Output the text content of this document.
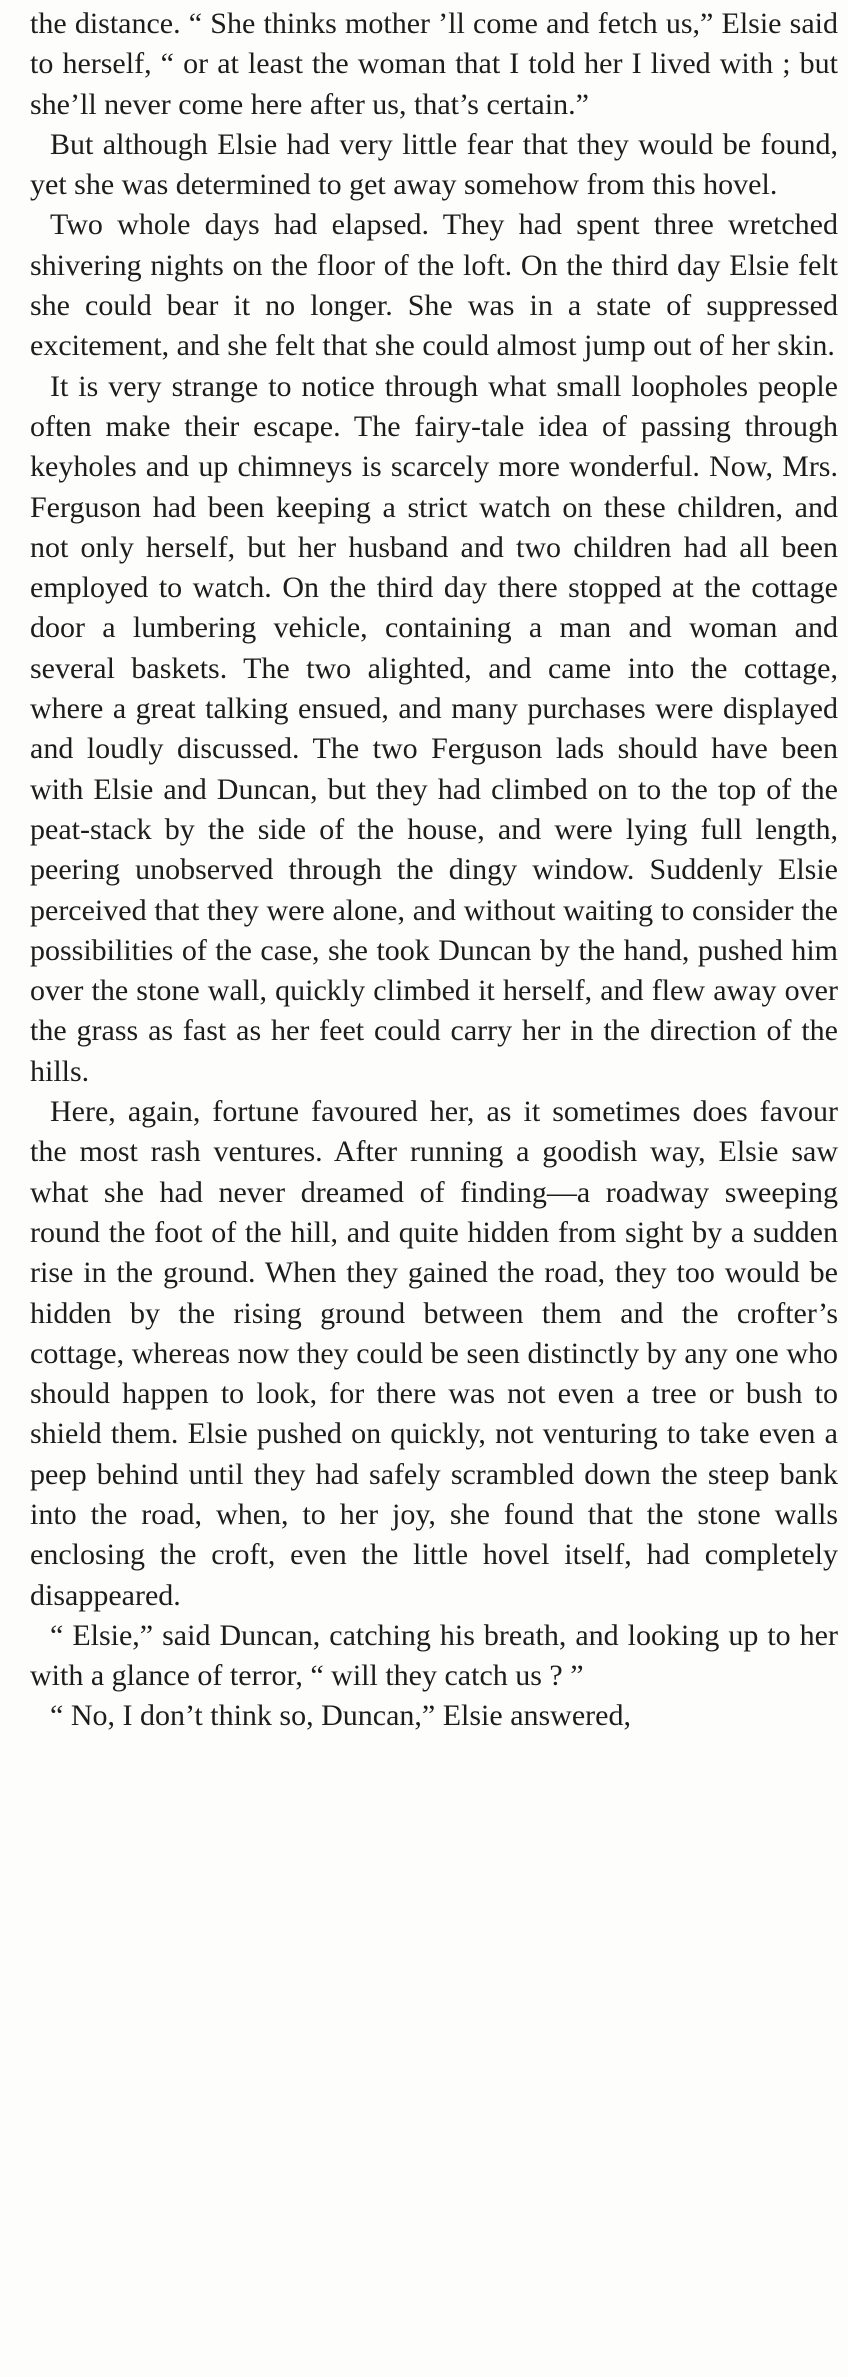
the distance. “ She thinks mother ’ll come and fetch us,” Elsie said to herself, “ or at least the woman that I told her I lived with ; but she’ll never come here after us, that’s certain.”

But although Elsie had very little fear that they would be found, yet she was determined to get away somehow from this hovel.

Two whole days had elapsed. They had spent three wretched shivering nights on the floor of the loft. On the third day Elsie felt she could bear it no longer. She was in a state of suppressed excitement, and she felt that she could almost jump out of her skin.

It is very strange to notice through what small loopholes people often make their escape. The fairy-tale idea of passing through keyholes and up chimneys is scarcely more wonderful. Now, Mrs. Ferguson had been keeping a strict watch on these children, and not only herself, but her husband and two children had all been employed to watch. On the third day there stopped at the cottage door a lumbering vehicle, containing a man and woman and several baskets. The two alighted, and came into the cottage, where a great talking ensued, and many purchases were displayed and loudly discussed. The two Ferguson lads should have been with Elsie and Duncan, but they had climbed on to the top of the peat-stack by the side of the house, and were lying full length, peering unobserved through the dingy window. Suddenly Elsie perceived that they were alone, and without waiting to consider the possibilities of the case, she took Duncan by the hand, pushed him over the stone wall, quickly climbed it herself, and flew away over the grass as fast as her feet could carry her in the direction of the hills.

Here, again, fortune favoured her, as it sometimes does favour the most rash ventures. After running a goodish way, Elsie saw what she had never dreamed of finding—a roadway sweeping round the foot of the hill, and quite hidden from sight by a sudden rise in the ground. When they gained the road, they too would be hidden by the rising ground between them and the crofter’s cottage, whereas now they could be seen distinctly by any one who should happen to look, for there was not even a tree or bush to shield them. Elsie pushed on quickly, not venturing to take even a peep behind until they had safely scrambled down the steep bank into the road, when, to her joy, she found that the stone walls enclosing the croft, even the little hovel itself, had completely disappeared.

“ Elsie,” said Duncan, catching his breath, and looking up to her with a glance of terror, “ will they catch us ? ”

“ No, I don’t think so, Duncan,” Elsie answered,
